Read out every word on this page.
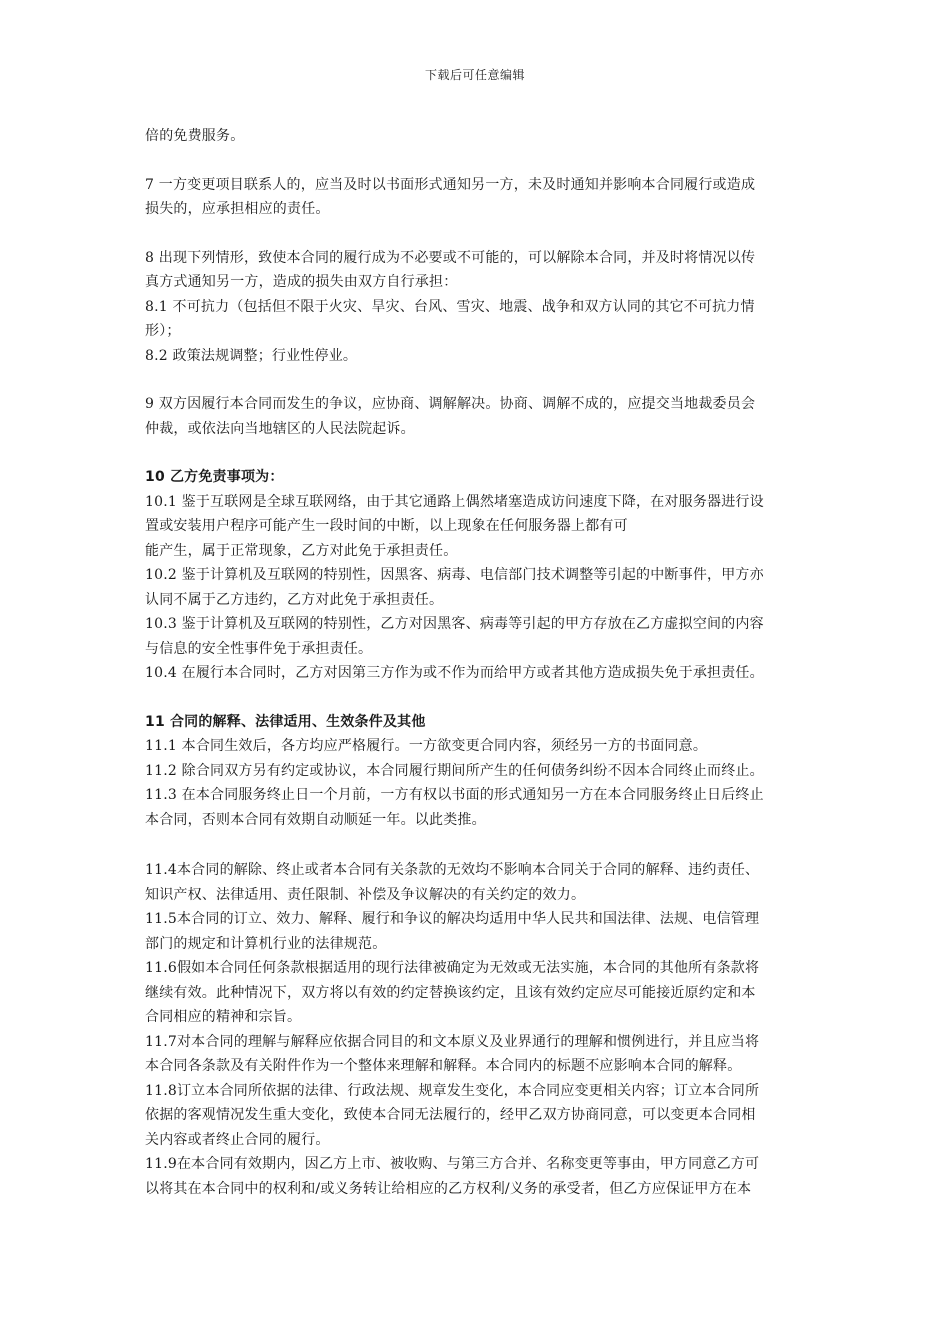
下载后可任意编辑

倍的免费服务。

7 一方变更项目联系人的，应当及时以书面形式通知另一方，未及时通知并影响本合同履行或造成

损失的，应承担相应的责任。

8 出现下列情形，致使本合同的履行成为不必要或不可能的，可以解除本合同，并及时将情况以传

真方式通知另一方，造成的损失由双方自行承担：

8.1 不可抗力（包括但不限于火灾、旱灾、台风、雪灾、地震、战争和双方认同的其它不可抗力情

形）；

8.2 政策法规调整；行业性停业。

9 双方因履行本合同而发生的争议，应协商、调解解决。协商、调解不成的，应提交当地裁委员会

仲裁，或依法向当地辖区的人民法院起诉。

10 乙方免责事项为：

10.1 鉴于互联网是全球互联网络，由于其它通路上偶然堵塞造成访问速度下降，在对服务器进行设

置或安装用户程序可能产生一段时间的中断，以上现象在任何服务器上都有可

能产生，属于正常现象，乙方对此免于承担责任。

10.2 鉴于计算机及互联网的特别性，因黑客、病毒、电信部门技术调整等引起的中断事件，甲方亦

认同不属于乙方违约，乙方对此免于承担责任。

10.3 鉴于计算机及互联网的特别性，乙方对因黑客、病毒等引起的甲方存放在乙方虚拟空间的内容

与信息的安全性事件免于承担责任。

10.4 在履行本合同时，乙方对因第三方作为或不作为而给甲方或者其他方造成损失免于承担责任。

11 合同的解释、法律适用、生效条件及其他

11.1 本合同生效后，各方均应严格履行。一方欲变更合同内容，须经另一方的书面同意。

11.2 除合同双方另有约定或协议，本合同履行期间所产生的任何债务纠纷不因本合同终止而终止。

11.3 在本合同服务终止日一个月前，一方有权以书面的形式通知另一方在本合同服务终止日后终止

本合同，否则本合同有效期自动顺延一年。以此类推。

11.4本合同的解除、终止或者本合同有关条款的无效均不影响本合同关于合同的解释、违约责任、

知识产权、法律适用、责任限制、补偿及争议解决的有关约定的效力。

11.5本合同的订立、效力、解释、履行和争议的解决均适用中华人民共和国法律、法规、电信管理

部门的规定和计算机行业的法律规范。

11.6假如本合同任何条款根据适用的现行法律被确定为无效或无法实施，本合同的其他所有条款将

继续有效。此种情况下，双方将以有效的约定替换该约定，且该有效约定应尽可能接近原约定和本

合同相应的精神和宗旨。

11.7对本合同的理解与解释应依据合同目的和文本原义及业界通行的理解和惯例进行，并且应当将

本合同各条款及有关附件作为一个整体来理解和解释。本合同内的标题不应影响本合同的解释。

11.8订立本合同所依据的法律、行政法规、规章发生变化，本合同应变更相关内容；订立本合同所

依据的客观情况发生重大变化，致使本合同无法履行的，经甲乙双方协商同意，可以变更本合同相

关内容或者终止合同的履行。

11.9在本合同有效期内，因乙方上市、被收购、与第三方合并、名称变更等事由，甲方同意乙方可

以将其在本合同中的权利和/或义务转让给相应的乙方权利/义务的承受者，但乙方应保证甲方在本
